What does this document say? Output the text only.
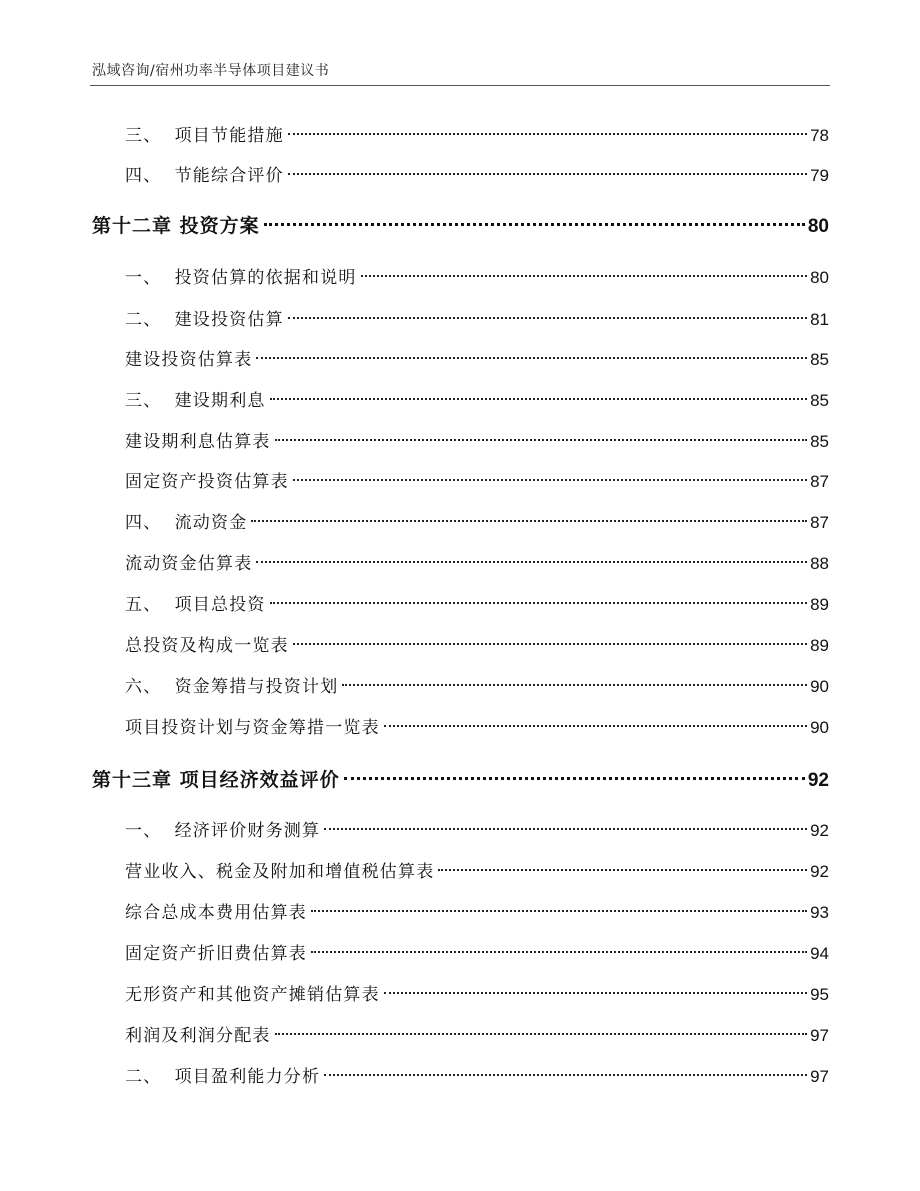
泓域咨询/宿州功率半导体项目建议书
三、  项目节能措施	78
四、  节能综合评价	79
第十二章 投资方案	80
一、  投资估算的依据和说明	80
二、  建设投资估算	81
建设投资估算表	85
三、  建设期利息	85
建设期利息估算表	85
固定资产投资估算表	87
四、  流动资金	87
流动资金估算表	88
五、  项目总投资	89
总投资及构成一览表	89
六、  资金筹措与投资计划	90
项目投资计划与资金筹措一览表	90
第十三章 项目经济效益评价	92
一、  经济评价财务测算	92
营业收入、税金及附加和增值税估算表	92
综合总成本费用估算表	93
固定资产折旧费估算表	94
无形资产和其他资产摊销估算表	95
利润及利润分配表	97
二、  项目盈利能力分析	97
